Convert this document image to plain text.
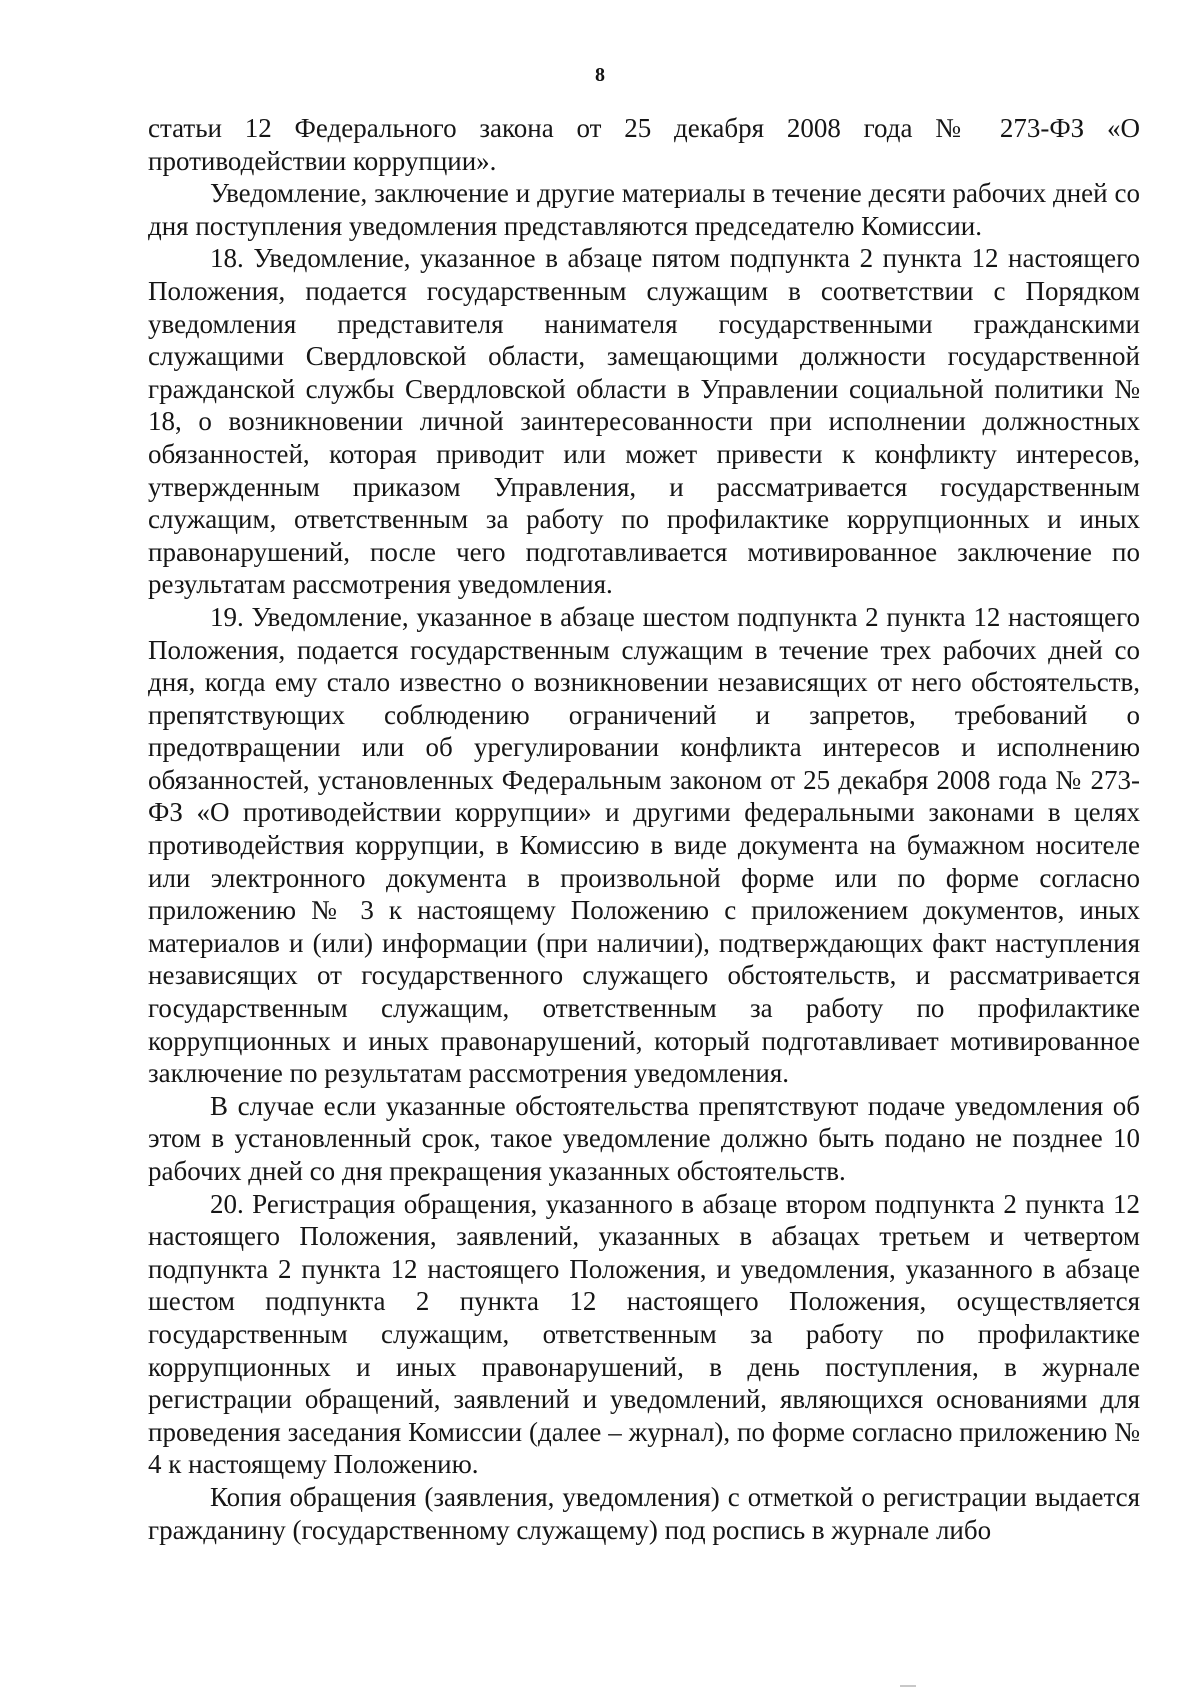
8

статьи 12 Федерального закона от 25 декабря 2008 года № 273-ФЗ «О противодействии коррупции».

Уведомление, заключение и другие материалы в течение десяти рабочих дней со дня поступления уведомления представляются председателю Комиссии.

18. Уведомление, указанное в абзаце пятом подпункта 2 пункта 12 настоящего Положения, подается государственным служащим в соответствии с Порядком уведомления представителя нанимателя государственными гражданскими служащими Свердловской области, замещающими должности государственной гражданской службы Свердловской области в Управлении социальной политики № 18, о возникновении личной заинтересованности при исполнении должностных обязанностей, которая приводит или может привести к конфликту интересов, утвержденным приказом Управления, и рассматривается государственным служащим, ответственным за работу по профилактике коррупционных и иных правонарушений, после чего подготавливается мотивированное заключение по результатам рассмотрения уведомления.

19. Уведомление, указанное в абзаце шестом подпункта 2 пункта 12 настоящего Положения, подается государственным служащим в течение трех рабочих дней со дня, когда ему стало известно о возникновении независящих от него обстоятельств, препятствующих соблюдению ограничений и запретов, требований о предотвращении или об урегулировании конфликта интересов и исполнению обязанностей, установленных Федеральным законом от 25 декабря 2008 года № 273-ФЗ «О противодействии коррупции» и другими федеральными законами в целях противодействия коррупции, в Комиссию в виде документа на бумажном носителе или электронного документа в произвольной форме или по форме согласно приложению № 3 к настоящему Положению с приложением документов, иных материалов и (или) информации (при наличии), подтверждающих факт наступления независящих от государственного служащего обстоятельств, и рассматривается государственным служащим, ответственным за работу по профилактике коррупционных и иных правонарушений, который подготавливает мотивированное заключение по результатам рассмотрения уведомления.

В случае если указанные обстоятельства препятствуют подаче уведомления об этом в установленный срок, такое уведомление должно быть подано не позднее 10 рабочих дней со дня прекращения указанных обстоятельств.

20. Регистрация обращения, указанного в абзаце втором подпункта 2 пункта 12 настоящего Положения, заявлений, указанных в абзацах третьем и четвертом подпункта 2 пункта 12 настоящего Положения, и уведомления, указанного в абзаце шестом подпункта 2 пункта 12 настоящего Положения, осуществляется государственным служащим, ответственным за работу по профилактике коррупционных и иных правонарушений, в день поступления, в журнале регистрации обращений, заявлений и уведомлений, являющихся основаниями для проведения заседания Комиссии (далее – журнал), по форме согласно приложению № 4 к настоящему Положению.

Копия обращения (заявления, уведомления) с отметкой о регистрации выдается гражданину (государственному служащему) под роспись в журнале либо
